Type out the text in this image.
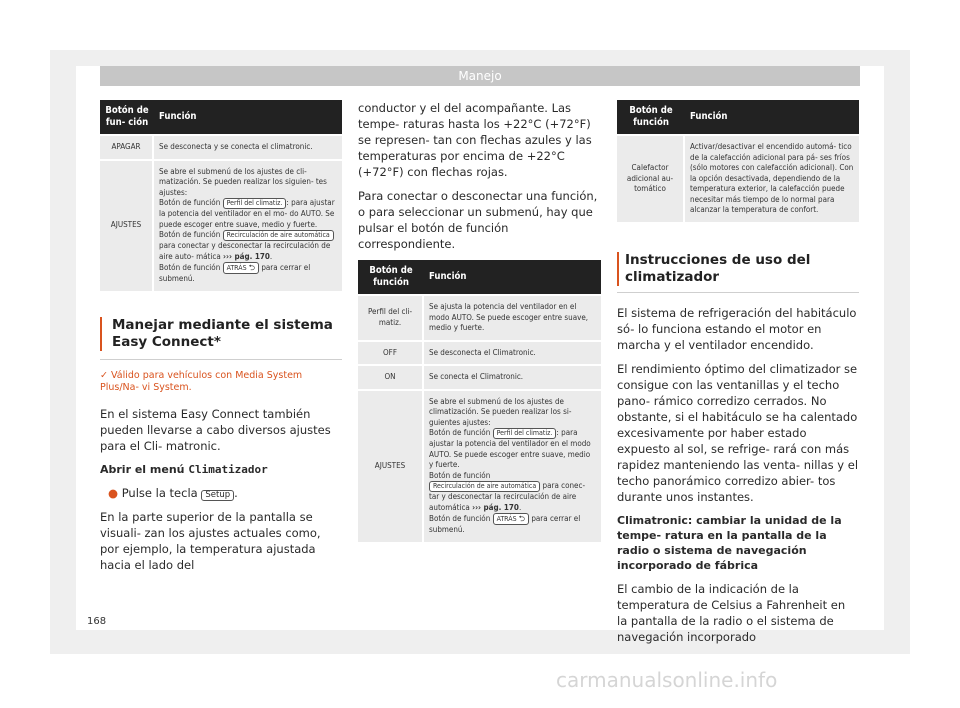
Manejo
Botón de fun- ción	Función
APAGAR	Se desconecta y se conecta el climatronic.
AJUSTES	Se abre el submenú de los ajustes de cli- matización. Se pueden realizar los siguien- tes ajustes:
Botón de función Perfil del climatiz. : para ajustar la potencia del ventilador en el mo- do AUTO. Se puede escoger entre suave, medio y fuerte.
Botón de función Recirculación de aire automática para conectar y desconectar la recirculación de aire auto- mática ››› pág. 170.
Botón de función ATRÁS ⮌ para cerrar el submenú.
Manejar mediante el sistema Easy Connect*
✓ Válido para vehículos con Media System Plus/Na- vi System.

En el sistema Easy Connect también pueden llevarse a cabo diversos ajustes para el Cli- matronic.

Abrir el menú Climatizador

● Pulse la tecla Setup .

En la parte superior de la pantalla se visuali- zan los ajustes actuales como, por ejemplo, la temperatura ajustada hacia el lado del

conductor y el del acompañante. Las tempe- raturas hasta los +22°C (+72°F) se represen- tan con flechas azules y las temperaturas por encima de +22°C (+72°F) con flechas rojas.

Para conectar o desconectar una función, o para seleccionar un submenú, hay que pulsar el botón de función correspondiente.

Botón de función	Función
Perfil del cli- matiz.	Se ajusta la potencia del ventilador en el modo AUTO. Se puede escoger entre suave, medio y fuerte.
OFF	Se desconecta el Climatronic.
ON	Se conecta el Climatronic.
AJUSTES	Se abre el submenú de los ajustes de climatización. Se pueden realizar los si- guientes ajustes:
Botón de función Perfil del climatiz. : para ajustar la potencia del ventilador en el modo AUTO. Se puede escoger entre suave, medio y fuerte.
Botón de función
Recirculación de aire automática para conec- tar y desconectar la recirculación de aire automática ››› pág. 170.
Botón de función ATRÁS ⮌ para cerrar el submenú.
Botón de función	Función
Calefactor adicional au- tomático	Activar/desactivar el encendido automá- tico de la calefacción adicional para pá- ses fríos (sólo motores con calefacción adicional). Con la opción desactivada, dependiendo de la temperatura exterior, la calefacción puede necesitar más tiempo de lo normal para alcanzar la temperatura de confort.
Instrucciones de uso del climatizador

El sistema de refrigeración del habitáculo só- lo funciona estando el motor en marcha y el ventilador encendido.

El rendimiento óptimo del climatizador se consigue con las ventanillas y el techo pano- rámico corredizo cerrados. No obstante, si el habitáculo se ha calentado excesivamente por haber estado expuesto al sol, se refrige- rará con más rapidez manteniendo las venta- nillas y el techo panorámico corredizo abier- tos durante unos instantes.

Climatronic: cambiar la unidad de la tempe- ratura en la pantalla de la radio o sistema de navegación incorporado de fábrica

El cambio de la indicación de la temperatura de Celsius a Fahrenheit en la pantalla de la radio o el sistema de navegación incorporado

168
carmanualsonline.info
